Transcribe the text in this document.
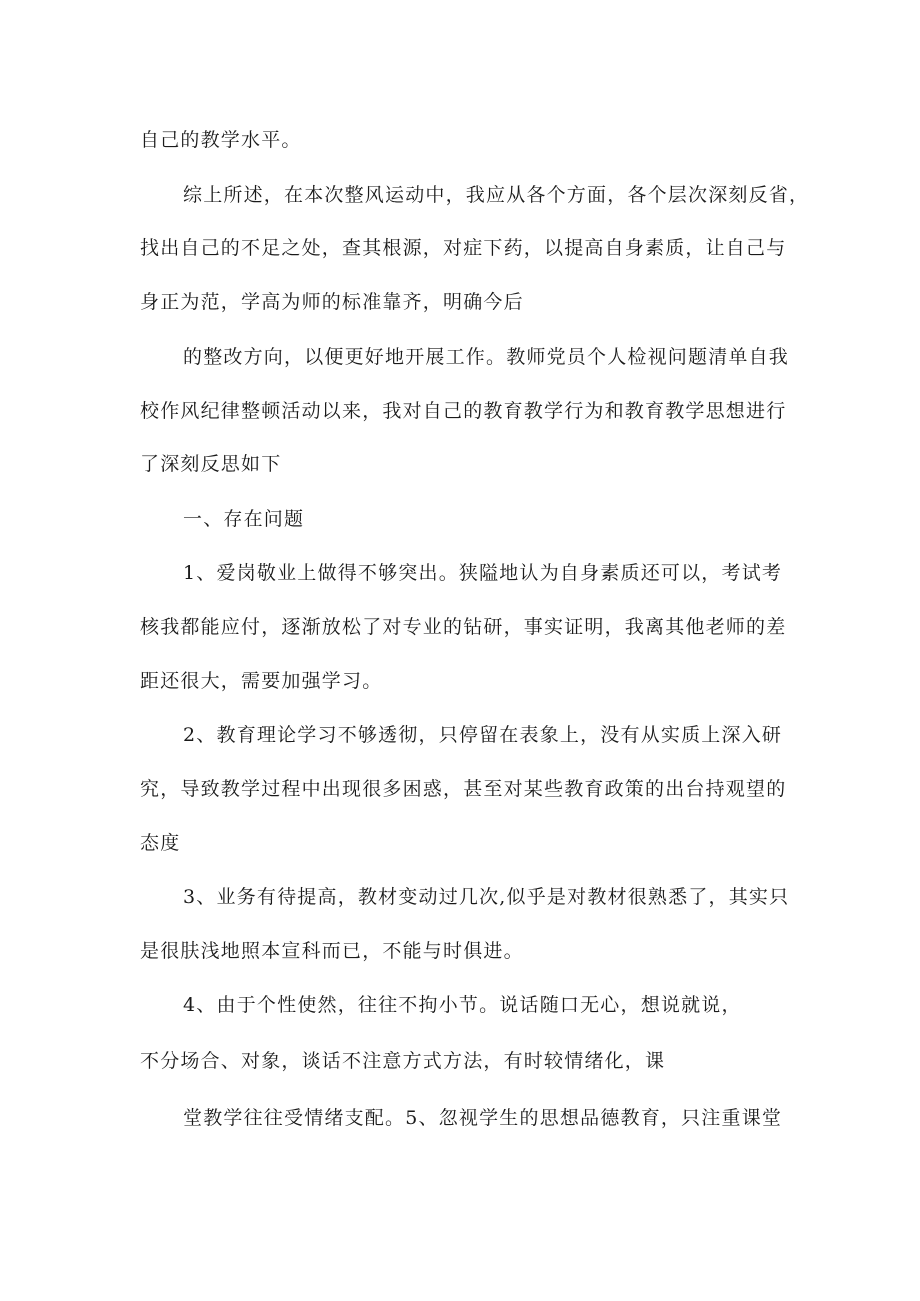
自己的教学水平。
综上所述，在本次整风运动中，我应从各个方面，各个层次深刻反省，
找出自己的不足之处，查其根源，对症下药，以提高自身素质，让自己与
身正为范，学高为师的标准靠齐，明确今后
的整改方向，以便更好地开展工作。教师党员个人检视问题清单自我
校作风纪律整顿活动以来，我对自己的教育教学行为和教育教学思想进行
了深刻反思如下
一、存在问题
1、爱岗敬业上做得不够突出。狭隘地认为自身素质还可以，考试考
核我都能应付，逐渐放松了对专业的钻研，事实证明，我离其他老师的差
距还很大，需要加强学习。
2、教育理论学习不够透彻，只停留在表象上，没有从实质上深入研
究，导致教学过程中出现很多困惑，甚至对某些教育政策的出台持观望的
态度
3、业务有待提高，教材变动过几次,似乎是对教材很熟悉了，其实只
是很肤浅地照本宣科而已，不能与时俱进。
4、由于个性使然，往往不拘小节。说话随口无心，想说就说，
不分场合、对象，谈话不注意方式方法，有时较情绪化，课
堂教学往往受情绪支配。5、忽视学生的思想品德教育，只注重课堂
